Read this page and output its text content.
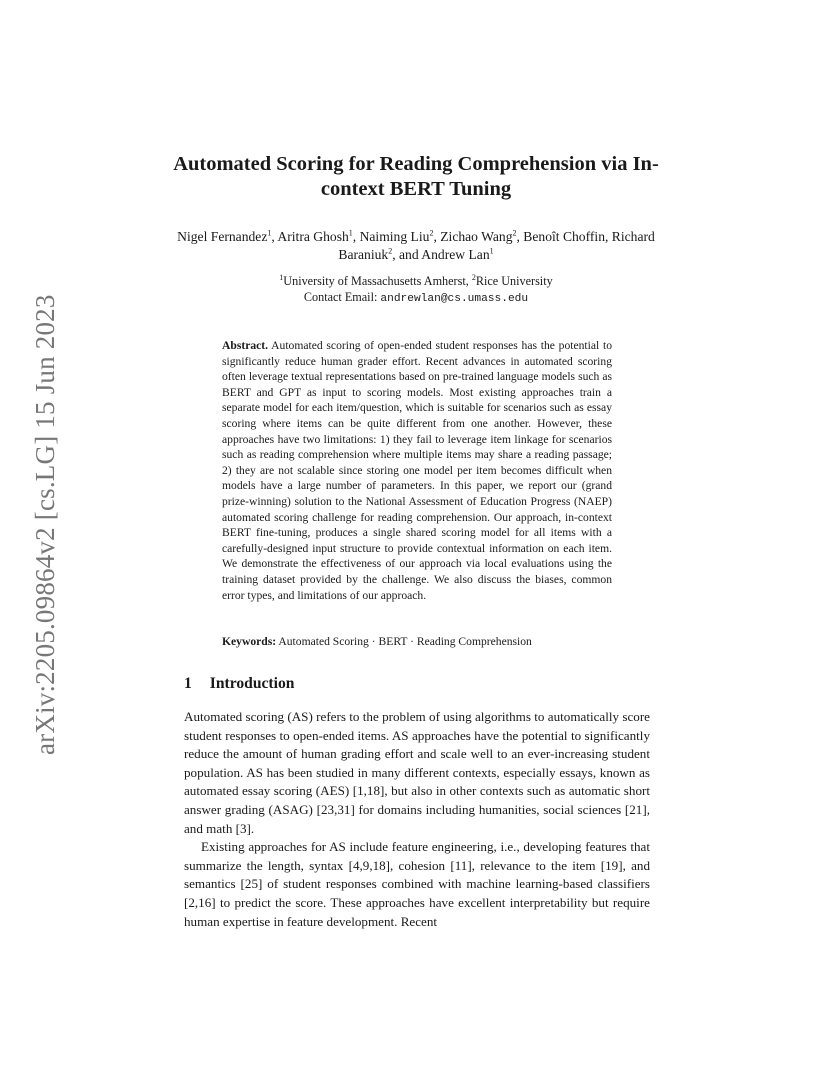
arXiv:2205.09864v2 [cs.LG] 15 Jun 2023
Automated Scoring for Reading Comprehension via In-context BERT Tuning
Nigel Fernandez$^1$, Aritra Ghosh$^1$, Naiming Liu$^2$, Zichao Wang$^2$, Benoît Choffin, Richard Baraniuk$^2$, and Andrew Lan$^1$
$^1$University of Massachusetts Amherst, $^2$Rice University
Contact Email: andrewlan@cs.umass.edu
Abstract. Automated scoring of open-ended student responses has the potential to significantly reduce human grader effort. Recent advances in automated scoring often leverage textual representations based on pre-trained language models such as BERT and GPT as input to scoring models. Most existing approaches train a separate model for each item/question, which is suitable for scenarios such as essay scoring where items can be quite different from one another. However, these approaches have two limitations: 1) they fail to leverage item linkage for scenarios such as reading comprehension where multiple items may share a reading passage; 2) they are not scalable since storing one model per item becomes difficult when models have a large number of parameters. In this paper, we report our (grand prize-winning) solution to the National Assessment of Education Progress (NAEP) automated scoring challenge for reading comprehension. Our approach, in-context BERT fine-tuning, produces a single shared scoring model for all items with a carefully-designed input structure to provide contextual information on each item. We demonstrate the effectiveness of our approach via local evaluations using the training dataset provided by the challenge. We also discuss the biases, common error types, and limitations of our approach.
Keywords: Automated Scoring · BERT · Reading Comprehension
1 Introduction

Automated scoring (AS) refers to the problem of using algorithms to automatically score student responses to open-ended items. AS approaches have the potential to significantly reduce the amount of human grading effort and scale well to an ever-increasing student population. AS has been studied in many different contexts, especially essays, known as automated essay scoring (AES) [1,18], but also in other contexts such as automatic short answer grading (ASAG) [23,31] for domains including humanities, social sciences [21], and math [3].

Existing approaches for AS include feature engineering, i.e., developing features that summarize the length, syntax [4,9,18], cohesion [11], relevance to the item [19], and semantics [25] of student responses combined with machine learning-based classifiers [2,16] to predict the score. These approaches have excellent interpretability but require human expertise in feature development. Recent
